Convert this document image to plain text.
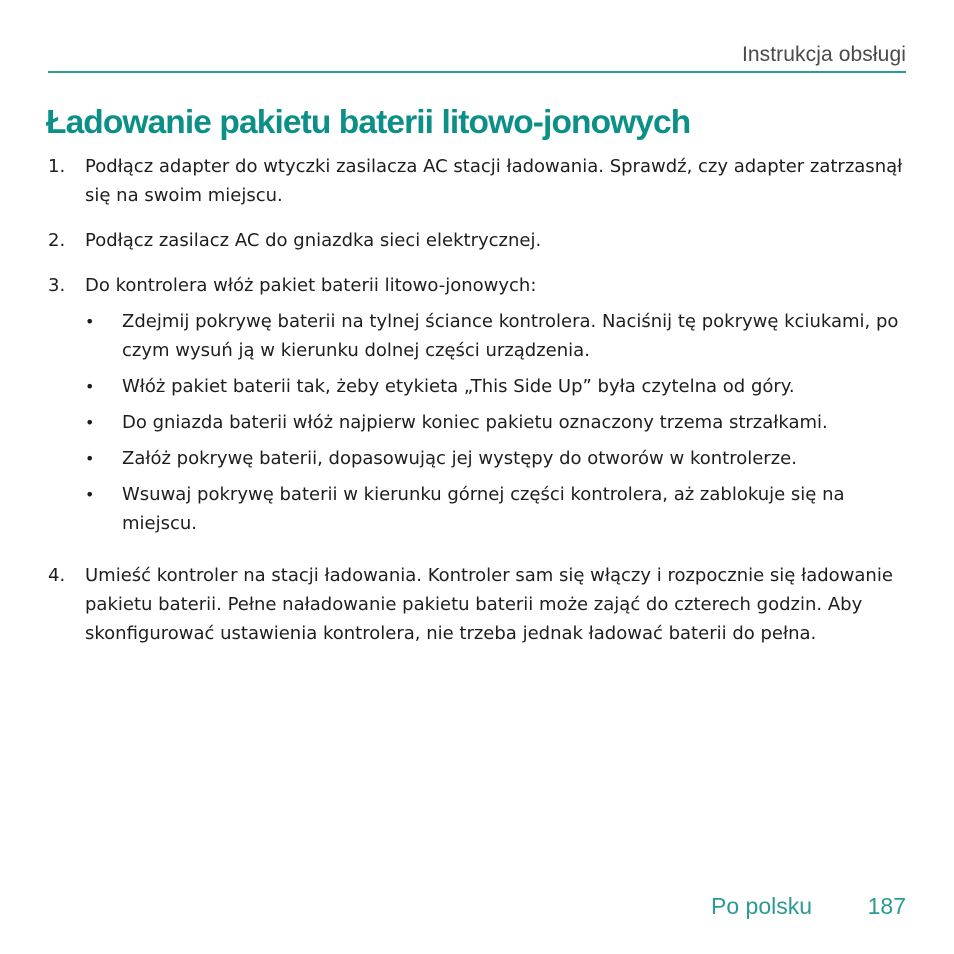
Instrukcja obsługi
Ładowanie pakietu baterii litowo-jonowych
1.	Podłącz adapter do wtyczki zasilacza AC stacji ładowania. Sprawdź, czy adapter zatrzasnął się na swoim miejscu.
2.	Podłącz zasilacz AC do gniazdka sieci elektrycznej.
3.	Do kontrolera włóż pakiet baterii litowo-jonowych:
•	Zdejmij pokrywę baterii na tylnej ściance kontrolera. Naciśnij tę pokrywę kciukami, po czym wysuń ją w kierunku dolnej części urządzenia.
•	Włóż pakiet baterii tak, żeby etykieta „This Side Up” była czytelna od góry.
•	Do gniazda baterii włóż najpierw koniec pakietu oznaczony trzema strzałkami.
•	Załóż pokrywę baterii, dopasowując jej występy do otworów w kontrolerze.
•	Wsuwaj pokrywę baterii w kierunku górnej części kontrolera, aż zablokuje się na miejscu.
4.	Umieść kontroler na stacji ładowania. Kontroler sam się włączy i rozpocznie się ładowanie pakietu baterii. Pełne naładowanie pakietu baterii może zająć do czterech godzin. Aby skonfigurować ustawienia kontrolera, nie trzeba jednak ładować baterii do pełna.
Po polsku 187
